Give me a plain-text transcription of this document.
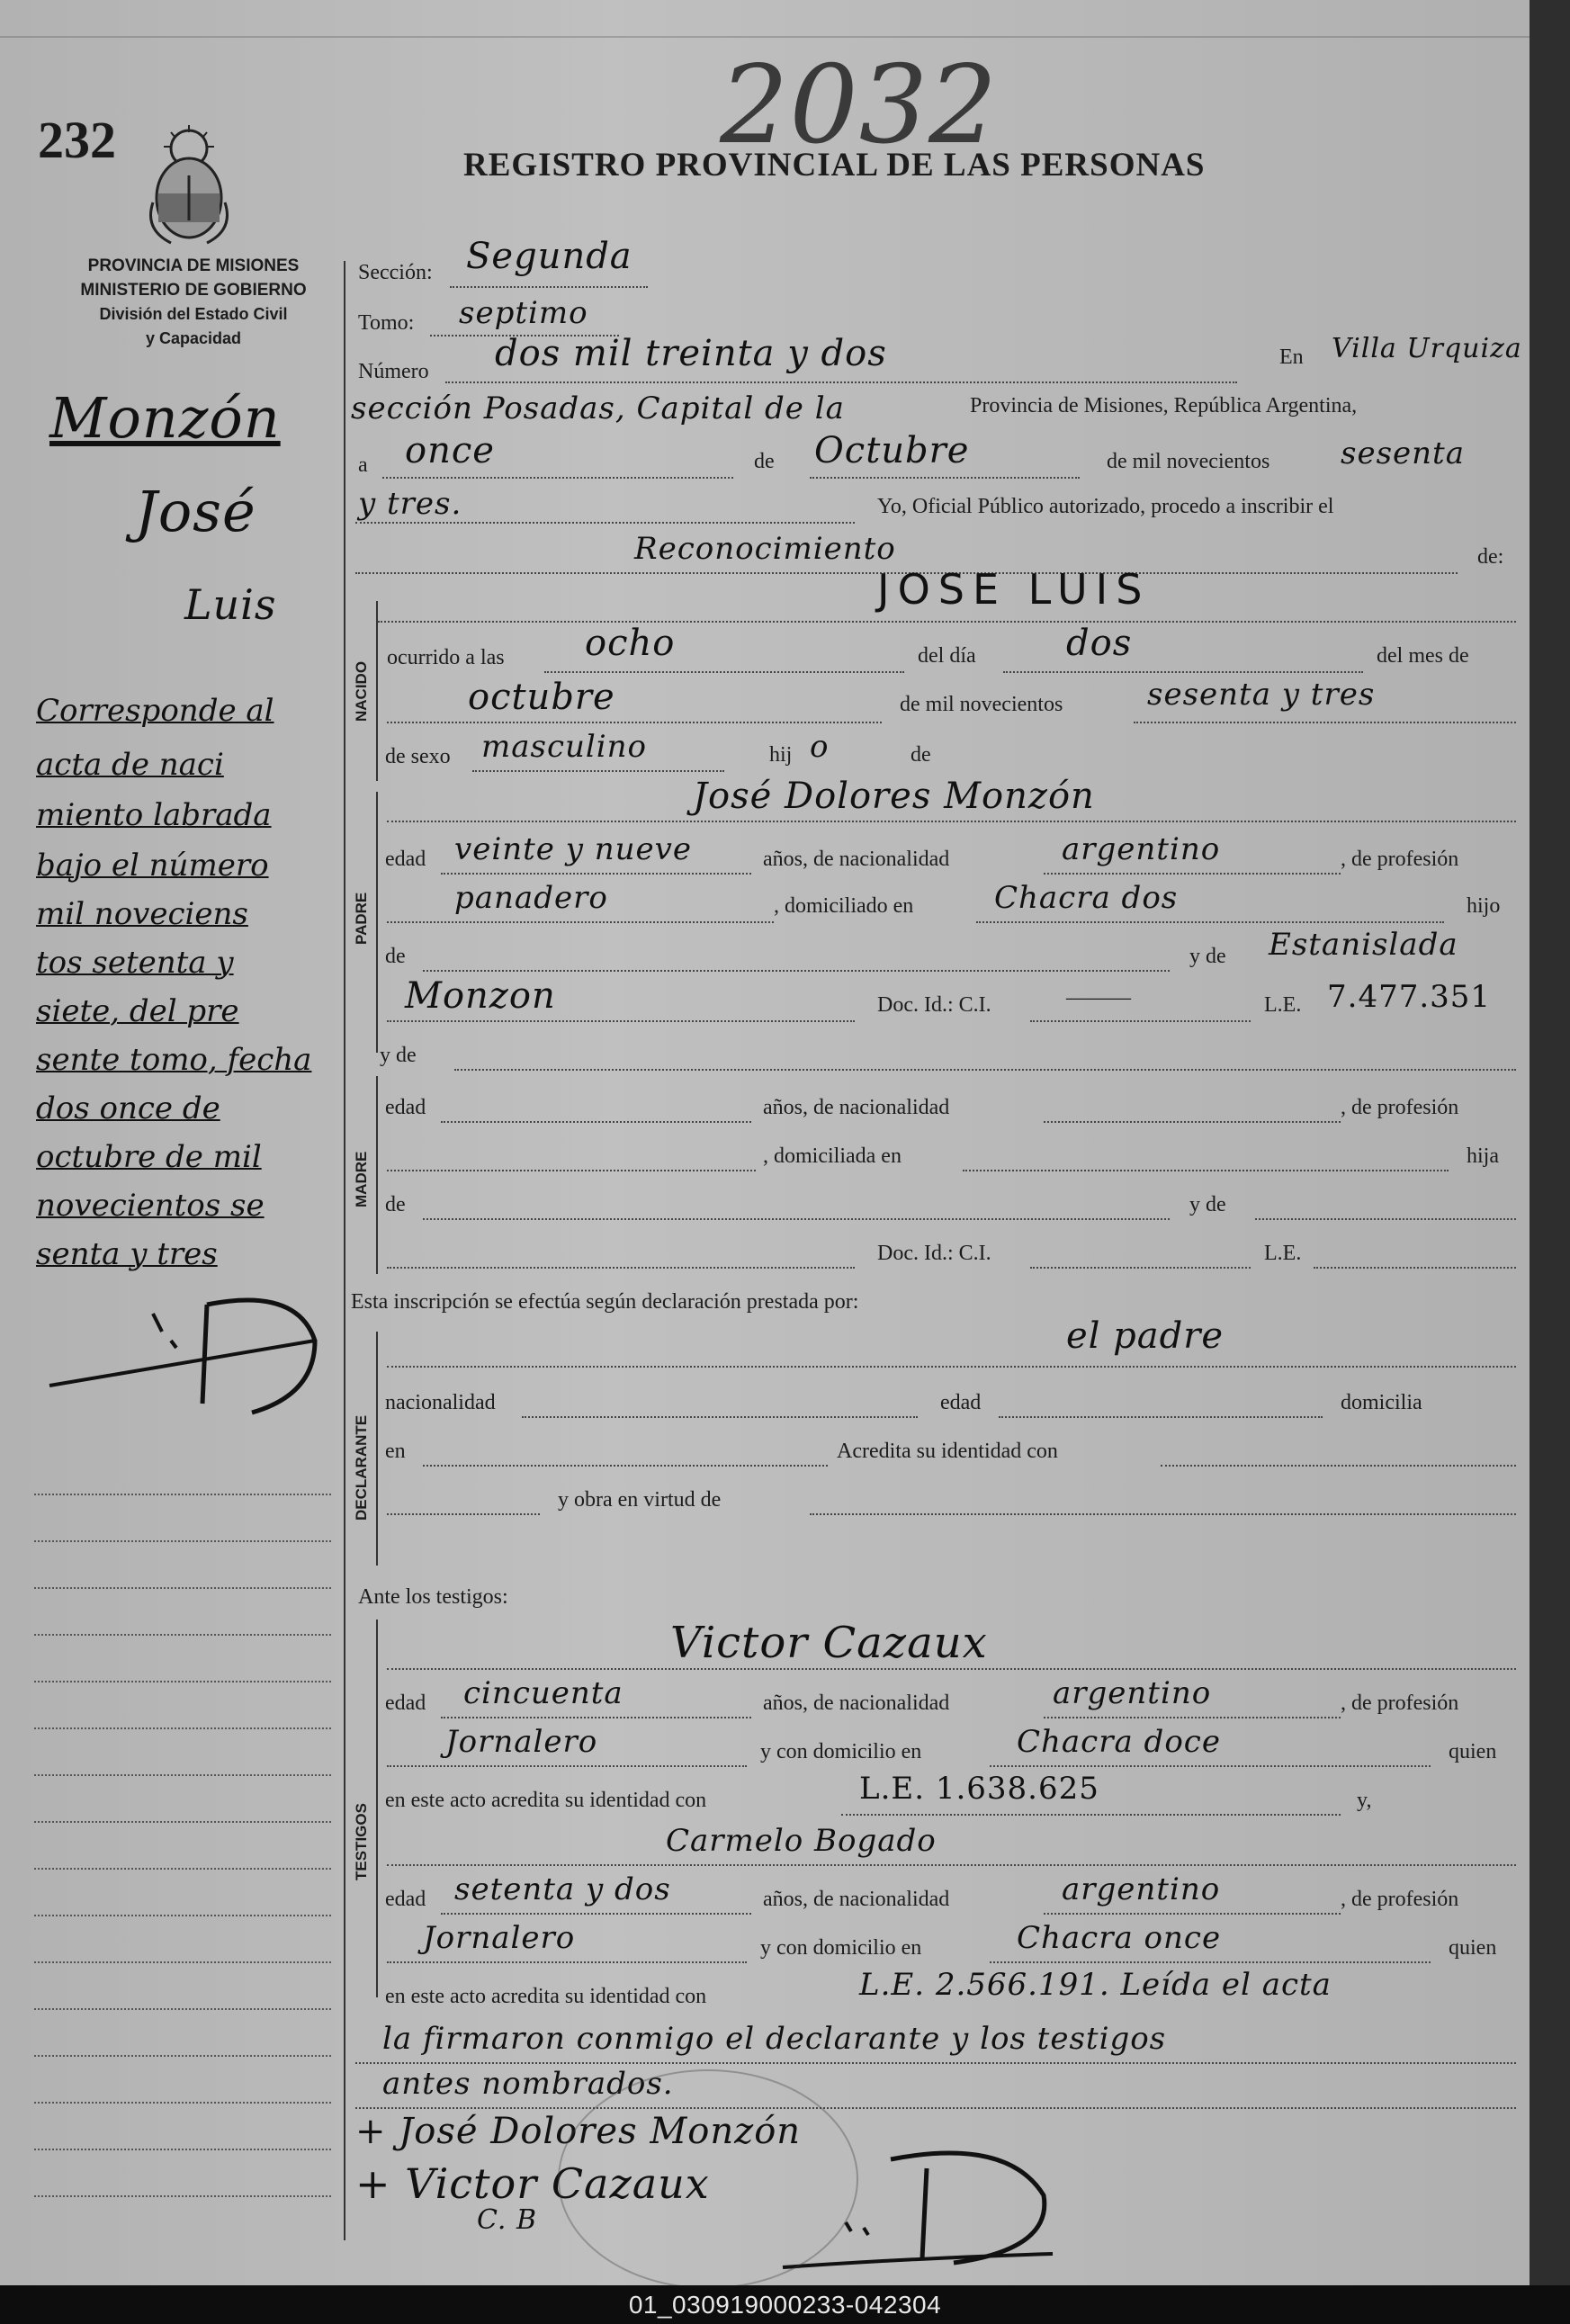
232	2032
REGISTRO PROVINCIAL DE LAS PERSONAS
PROVINCIA DE MISIONES
MINISTERIO DE GOBIERNO
División del Estado Civil
y Capacidad
Monzón
José
Luis
Corresponde al
acta de naci
miento labrada
bajo el número
mil noveciens
tos setenta y
siete, del pre
sente tomo, fecha
dos once de
octubre de mil
novecientos se
senta y tres
Sección: Segunda
Tomo: septimo
Número dos mil treinta y dos	En Villa Urquiza
sección Posadas, Capital de la	Provincia de Misiones, República Argentina,
a once	de Octubre	de mil novecientos sesenta
y tres.	Yo, Oficial Público autorizado, procedo a inscribir el
Reconocimiento	de:
JOSE LUIS
NACIDO
ocurrido a las ocho	del día	dos	del mes de
octubre	de mil novecientos	sesenta y tres
de sexo masculino	hij o	de
PADRE
José Dolores Monzón
edad veinte y nueve	años, de nacionalidad	argentino	, de profesión
panadero	, domiciliado en	Chacra dos	hijo
de	y de Estanislada
Monzon	Doc. Id.: C.I.	———	L.E. 7.477.351
y de
MADRE
edad	años, de nacionalidad	, de profesión
, domiciliada en	hija
de	y de
Doc. Id.: C.I.	L.E.
Esta inscripción se efectúa según declaración prestada por:
DECLARANTE
el padre
nacionalidad	edad	domicilia
en	Acredita su identidad con
y obra en virtud de
Ante los testigos:
TESTIGOS
Victor Cazaux
edad cincuenta	años, de nacionalidad	argentino	, de profesión
Jornalero	y con domicilio en	Chacra doce	quien
en este acto acredita su identidad con	L.E. 1.638.625	y,
Carmelo Bogado
edad setenta y dos	años, de nacionalidad	argentino	, de profesión
Jornalero	y con domicilio en	Chacra once	quien
en este acto acredita su identidad con	L.E. 2.566.191. Leída el acta
la firmaron conmigo el declarante y los testigos
antes nombrados.
+ José Dolores Monzón
+ Victor Cazaux
C. B
01_030919000233-042304
